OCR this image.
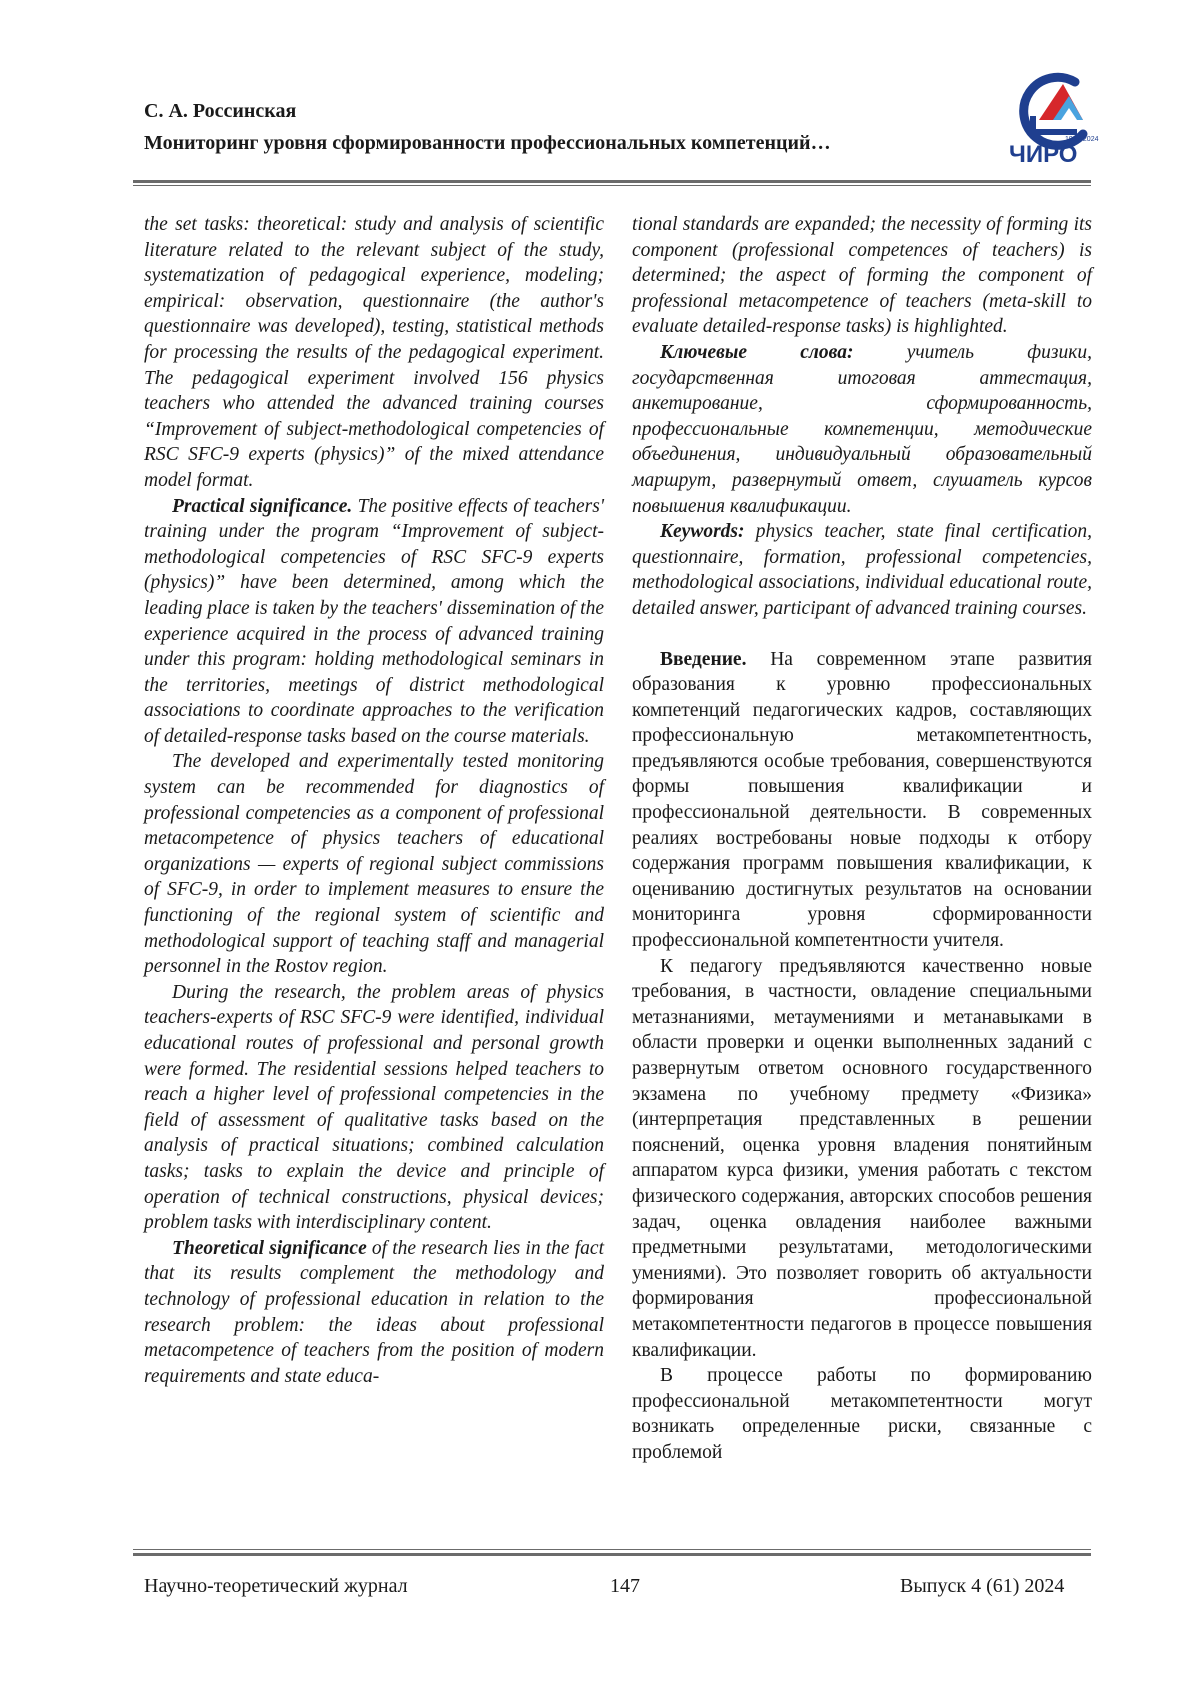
С. А. Россинская

Мониторинг уровня сформированности профессиональных компетенций…	1937-2024
ЧИРО

the set tasks: theoretical: study and analysis of scientific literature related to the relevant subject of the study, systematization of pedagogical experience, modeling; empirical: observation, questionnaire (the author's questionnaire was developed), testing, statistical methods for processing the results of the pedagogical experiment. The pedagogical experiment involved 156 physics teachers who attended the advanced training courses “Improvement of subject-methodological competencies of RSC SFC-9 experts (physics)” of the mixed attendance model format.

Practical significance. The positive effects of teachers' training under the program “Improvement of subject-methodological competencies of RSC SFC-9 experts (physics)” have been determined, among which the leading place is taken by the teachers' dissemination of the experience acquired in the process of advanced training under this program: holding methodological seminars in the territories, meetings of district methodological associations to coordinate approaches to the verification of detailed-response tasks based on the course materials.

The developed and experimentally tested monitoring system can be recommended for diagnostics of professional competencies as a component of professional metacompetence of physics teachers of educational organizations — experts of regional subject commissions of SFC-9, in order to implement measures to ensure the functioning of the regional system of scientific and methodological support of teaching staff and managerial personnel in the Rostov region.

During the research, the problem areas of physics teachers-experts of RSC SFC-9 were identified, individual educational routes of professional and personal growth were formed. The residential sessions helped teachers to reach a higher level of professional competencies in the field of assessment of qualitative tasks based on the analysis of practical situations; combined calculation tasks; tasks to explain the device and principle of operation of technical constructions, physical devices; problem tasks with interdisciplinary content.

Theoretical significance of the research lies in the fact that its results complement the methodology and technology of professional education in relation to the research problem: the ideas about professional metacompetence of teachers from the position of modern requirements and state educa-

tional standards are expanded; the necessity of forming its component (professional competences of teachers) is determined; the aspect of forming the component of professional metacompetence of teachers (meta-skill to evaluate detailed-response tasks) is highlighted.

Ключевые слова: учитель физики, государственная итоговая аттестация, анкетирование, сформированность, профессиональные компетенции, методические объединения, индивидуальный образовательный маршрут, развернутый ответ, слушатель курсов повышения квалификации.

Keywords: physics teacher, state final certification, questionnaire, formation, professional competencies, methodological associations, individual educational route, detailed answer, participant of advanced training courses.

Введение. На современном этапе развития образования к уровню профессиональных компетенций педагогических кадров, составляющих профессиональную метакомпетентность, предъявляются особые требования, совершенствуются формы повышения квалификации и профессиональной деятельности. В современных реалиях востребованы новые подходы к отбору содержания программ повышения квалификации, к оцениванию достигнутых результатов на основании мониторинга уровня сформированности профессиональной компетентности учителя.

К педагогу предъявляются качественно новые требования, в частности, овладение специальными метазнаниями, метаумениями и метанавыками в области проверки и оценки выполненных заданий с развернутым ответом основного государственного экзамена по учебному предмету «Физика» (интерпретация представленных в решении пояснений, оценка уровня владения понятийным аппаратом курса физики, умения работать с текстом физического содержания, авторских способов решения задач, оценка овладения наиболее важными предметными результатами, методологическими умениями). Это позволяет говорить об актуальности формирования профессиональной метакомпетентности педагогов в процессе повышения квалификации.

В процессе работы по формированию профессиональной метакомпетентности могут возникать определенные риски, связанные с проблемой

Научно-теоретический журнал	147	Выпуск 4 (61) 2024
